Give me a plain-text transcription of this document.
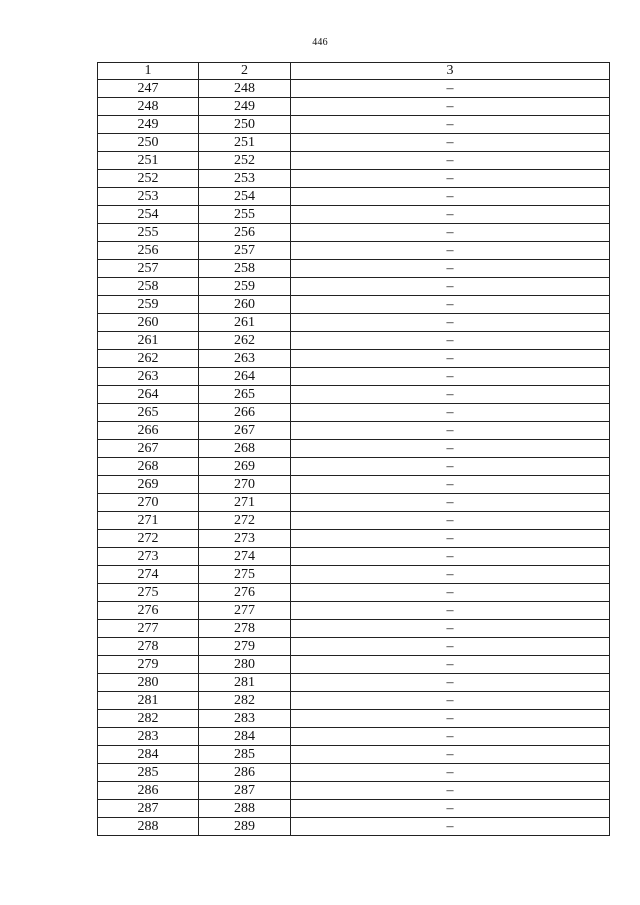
446
1	2	3
247	248	–
248	249	–
249	250	–
250	251	–
251	252	–
252	253	–
253	254	–
254	255	–
255	256	–
256	257	–
257	258	–
258	259	–
259	260	–
260	261	–
261	262	–
262	263	–
263	264	–
264	265	–
265	266	–
266	267	–
267	268	–
268	269	–
269	270	–
270	271	–
271	272	–
272	273	–
273	274	–
274	275	–
275	276	–
276	277	–
277	278	–
278	279	–
279	280	–
280	281	–
281	282	–
282	283	–
283	284	–
284	285	–
285	286	–
286	287	–
287	288	–
288	289	–
